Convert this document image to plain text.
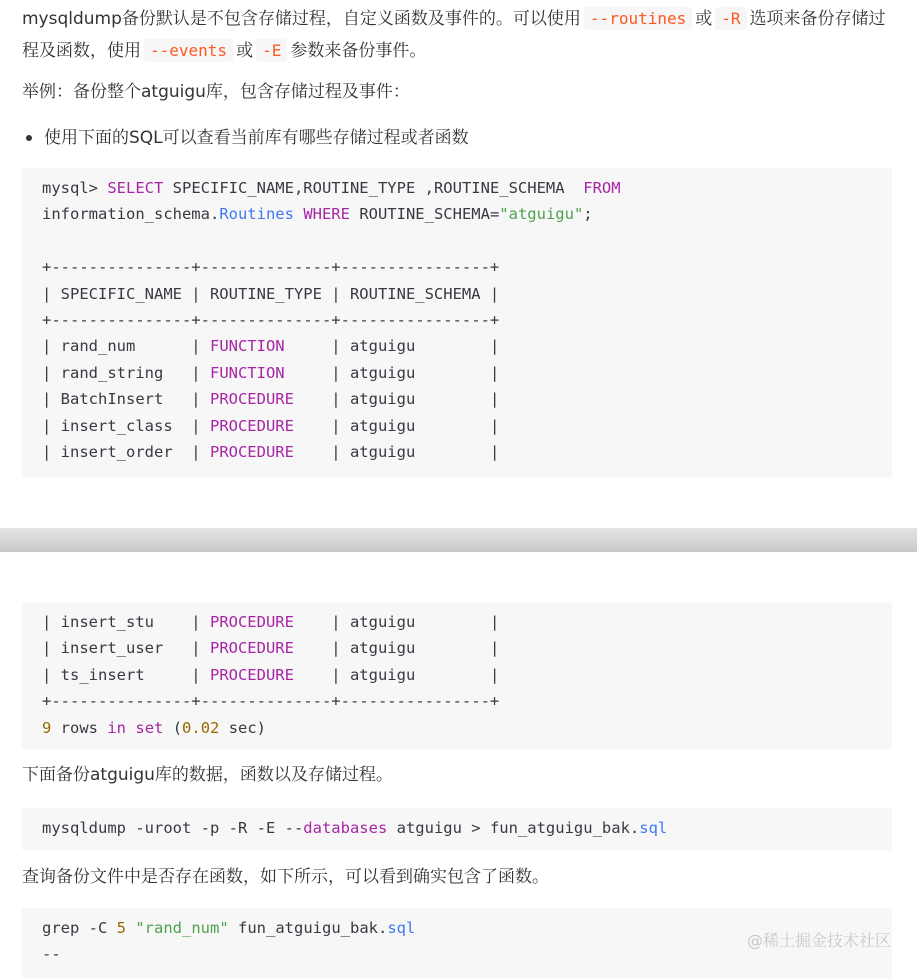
mysqldump备份默认是不包含存储过程，自定义函数及事件的。可以使用 --routines 或 -R 选项来备份存储过程及函数，使用 --events 或 -E 参数来备份事件。
举例：备份整个atguigu库，包含存储过程及事件：
使用下面的SQL可以查看当前库有哪些存储过程或者函数
mysql> SELECT SPECIFIC_NAME,ROUTINE_TYPE ,ROUTINE_SCHEMA  FROM
information_schema.Routines WHERE ROUTINE_SCHEMA="atguigu";
+---------------+--------------+----------------+
| SPECIFIC_NAME | ROUTINE_TYPE | ROUTINE_SCHEMA |
+---------------+--------------+----------------+
| rand_num      | FUNCTION     | atguigu        |
| rand_string   | FUNCTION     | atguigu        |
| BatchInsert   | PROCEDURE    | atguigu        |
| insert_class  | PROCEDURE    | atguigu        |
| insert_order  | PROCEDURE    | atguigu        |
| insert_stu    | PROCEDURE    | atguigu        |
| insert_user   | PROCEDURE    | atguigu        |
| ts_insert     | PROCEDURE    | atguigu        |
+---------------+--------------+----------------+
9 rows in set (0.02 sec)
下面备份atguigu库的数据，函数以及存储过程。
mysqldump -uroot -p -R -E --databases atguigu > fun_atguigu_bak.sql
查询备份文件中是否存在函数，如下所示，可以看到确实包含了函数。
grep -C 5 "rand_num" fun_atguigu_bak.sql
--
@稀土掘金技术社区
